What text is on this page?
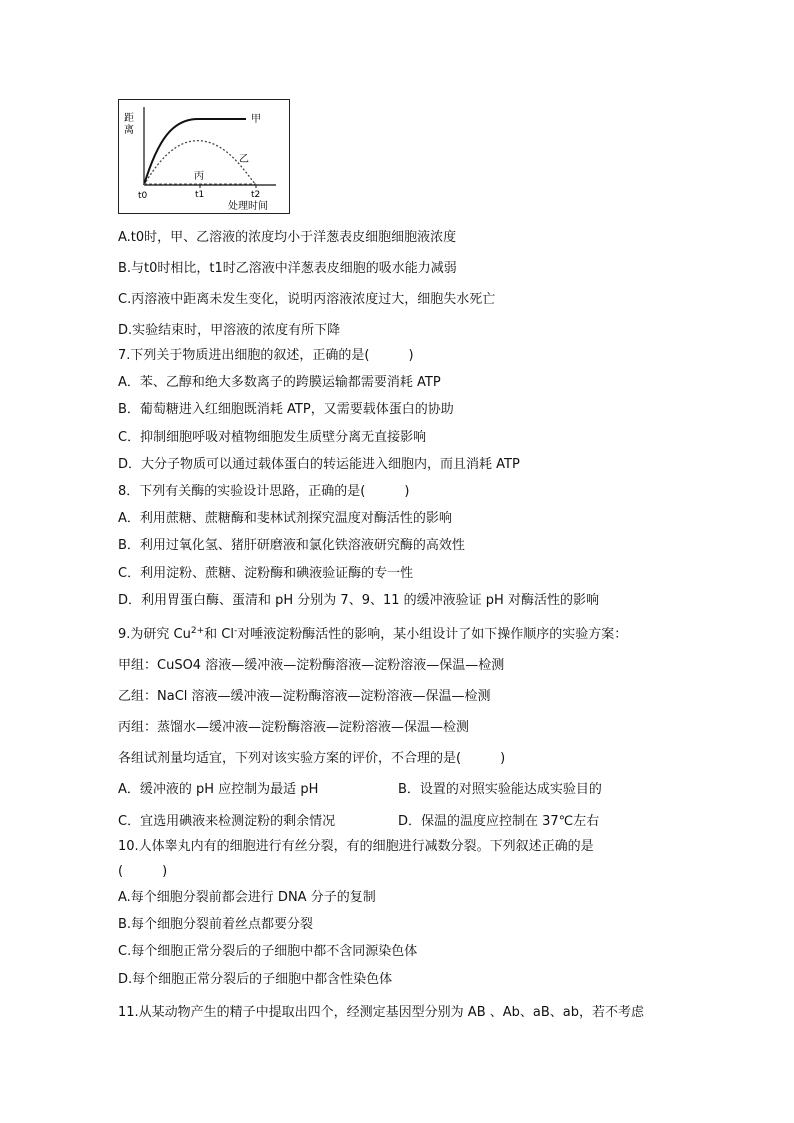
距
离
甲
乙
丙
t0	t1	t2
处理时间
A.t0时，甲、乙溶液的浓度均小于洋葱表皮细胞细胞液浓度
B.与t0时相比，t1时乙溶液中洋葱表皮细胞的吸水能力减弱
C.丙溶液中距离未发生变化，说明丙溶液浓度过大，细胞失水死亡
D.实验结束时，甲溶液的浓度有所下降
7.下列关于物质进出细胞的叙述，正确的是(　　　)
A．苯、乙醇和绝大多数离子的跨膜运输都需要消耗 ATP
B．葡萄糖进入红细胞既消耗 ATP，又需要载体蛋白的协助
C．抑制细胞呼吸对植物细胞发生质壁分离无直接影响
D．大分子物质可以通过载体蛋白的转运能进入细胞内，而且消耗 ATP
8．下列有关酶的实验设计思路，正确的是(　　　)
A．利用蔗糖、蔗糖酶和斐林试剂探究温度对酶活性的影响
B．利用过氧化氢、猪肝研磨液和氯化铁溶液研究酶的高效性
C．利用淀粉、蔗糖、淀粉酶和碘液验证酶的专一性
D．利用胃蛋白酶、蛋清和 pH 分别为 7、9、11 的缓冲液验证 pH 对酶活性的影响
9.为研究 $Cu^{2+}$和 Cl-对唾液淀粉酶活性的影响，某小组设计了如下操作顺序的实验方案：
甲组：CuSO4 溶液—缓冲液—淀粉酶溶液—淀粉溶液—保温—检测
乙组：NaCl 溶液—缓冲液—淀粉酶溶液—淀粉溶液—保温—检测
丙组：蒸馏水—缓冲液—淀粉酶溶液—淀粉溶液—保温—检测
各组试剂量均适宜，下列对该实验方案的评价，不合理的是(　　　)
A．缓冲液的 pH 应控制为最适 pH	B．设置的对照实验能达成实验目的
C．宜选用碘液来检测淀粉的剩余情况	D．保温的温度应控制在 37℃左右
10.人体睾丸内有的细胞进行有丝分裂，有的细胞进行减数分裂。下列叙述正确的是
(　　　)
A.每个细胞分裂前都会进行 DNA 分子的复制
B.每个细胞分裂前着丝点都要分裂
C.每个细胞正常分裂后的子细胞中都不含同源染色体
D.每个细胞正常分裂后的子细胞中都含性染色体
11.从某动物产生的精子中提取出四个，经测定基因型分别为 AB 、Ab、aB、ab，若不考虑
